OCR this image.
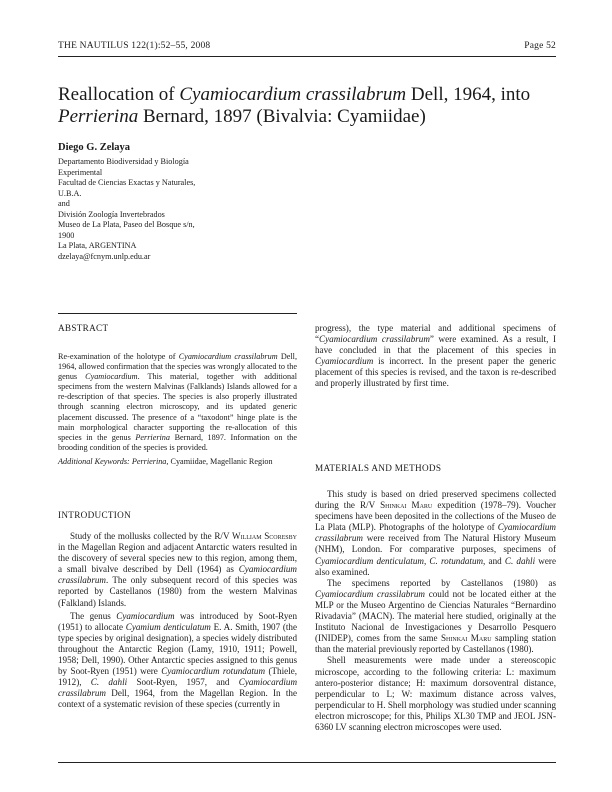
THE NAUTILUS 122(1):52–55, 2008	Page 52
Reallocation of Cyamiocardium crassilabrum Dell, 1964, into
Perrierina Bernard, 1897 (Bivalvia: Cyamiidae)
Diego G. Zelaya
Departamento Biodiversidad y Biología
Experimental
Facultad de Ciencias Exactas y Naturales,
U.B.A.
and
División Zoología Invertebrados
Museo de La Plata, Paseo del Bosque s/n,
1900
La Plata, ARGENTINA
dzelaya@fcnym.unlp.edu.ar
ABSTRACT

Re-examination of the holotype of Cyamiocardium crassilabrum Dell, 1964, allowed confirmation that the species was wrongly allocated to the genus Cyamiocardium. This material, together with additional specimens from the western Malvinas (Falklands) Islands allowed for a re-description of that species. The species is also properly illustrated through scanning electron microscopy, and its updated generic placement discussed. The presence of a “taxodont” hinge plate is the main morphological character supporting the re-allocation of this species in the genus Perrierina Bernard, 1897. Information on the brooding condition of the species is provided.

Additional Keywords: Perrierina, Cyamiidae, Magellanic Region

INTRODUCTION

Study of the mollusks collected by the R/V William Scoresby in the Magellan Region and adjacent Antarctic waters resulted in the discovery of several species new to this region, among them, a small bivalve described by Dell (1964) as Cyamiocardium crassilabrum. The only subsequent record of this species was reported by Castellanos (1980) from the western Malvinas (Falkland) Islands.

The genus Cyamiocardium was introduced by Soot-Ryen (1951) to allocate Cyamium denticulatum E. A. Smith, 1907 (the type species by original designation), a species widely distributed throughout the Antarctic Region (Lamy, 1910, 1911; Powell, 1958; Dell, 1990). Other Antarctic species assigned to this genus by Soot-Ryen (1951) were Cyamiocardium rotundatum (Thiele, 1912), C. dahli Soot-Ryen, 1957, and Cyamiocardium crassilabrum Dell, 1964, from the Magellan Region. In the context of a systematic revision of these species (currently in

progress), the type material and additional specimens of “Cyamiocardium crassilabrum” were examined. As a result, I have concluded in that the placement of this species in Cyamiocardium is incorrect. In the present paper the generic placement of this species is revised, and the taxon is re-described and properly illustrated by first time.

MATERIALS AND METHODS

This study is based on dried preserved specimens collected during the R/V Shinkai Maru expedition (1978–79). Voucher specimens have been deposited in the collections of the Museo de La Plata (MLP). Photographs of the holotype of Cyamiocardium crassilabrum were received from The Natural History Museum (NHM), London. For comparative purposes, specimens of Cyamiocardium denticulatum, C. rotundatum, and C. dahli were also examined.

The specimens reported by Castellanos (1980) as Cyamiocardium crassilabrum could not be located either at the MLP or the Museo Argentino de Ciencias Naturales “Bernardino Rivadavia” (MACN). The material here studied, originally at the Instituto Nacional de Investigaciones y Desarrollo Pesquero (INIDEP), comes from the same Shinkai Maru sampling station than the material previously reported by Castellanos (1980).

Shell measurements were made under a stereoscopic microscope, according to the following criteria: L: maximum antero-posterior distance; H: maximum dorsoventral distance, perpendicular to L; W: maximum distance across valves, perpendicular to H. Shell morphology was studied under scanning electron microscope; for this, Philips XL30 TMP and JEOL JSN-6360 LV scanning electron microscopes were used.
